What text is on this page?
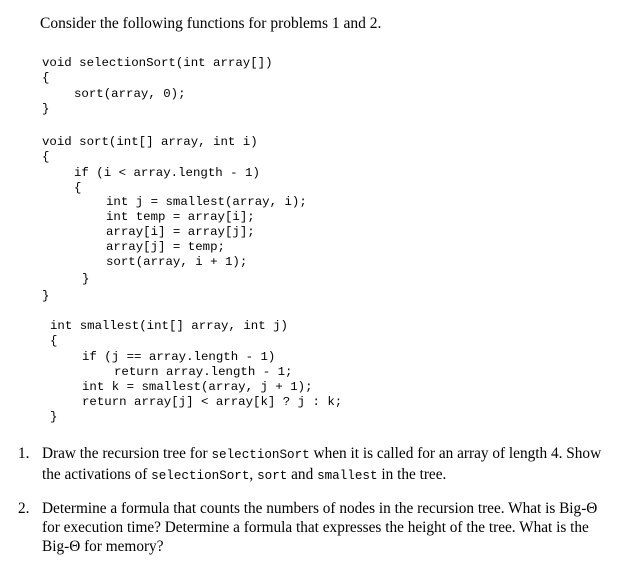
Consider the following functions for problems 1 and 2.

void selectionSort(int array[])

{

sort(array, 0);

}

void sort(int[] array, int i)

{

if (i < array.length - 1)

{

int j = smallest(array, i);

int temp = array[i];

array[i] = array[j];

array[j] = temp;

sort(array, i + 1);

}

}

int smallest(int[] array, int j)

{

if (j == array.length - 1)

return array.length - 1;

int k = smallest(array, j + 1);

return array[j] < array[k] ? j : k;

}

1. Draw the recursion tree for selectionSort when it is called for an array of length 4. Show the activations of selectionSort, sort and smallest in the tree.
2. Determine a formula that counts the numbers of nodes in the recursion tree. What is Big-Θ for execution time? Determine a formula that expresses the height of the tree. What is the Big-Θ for memory?
